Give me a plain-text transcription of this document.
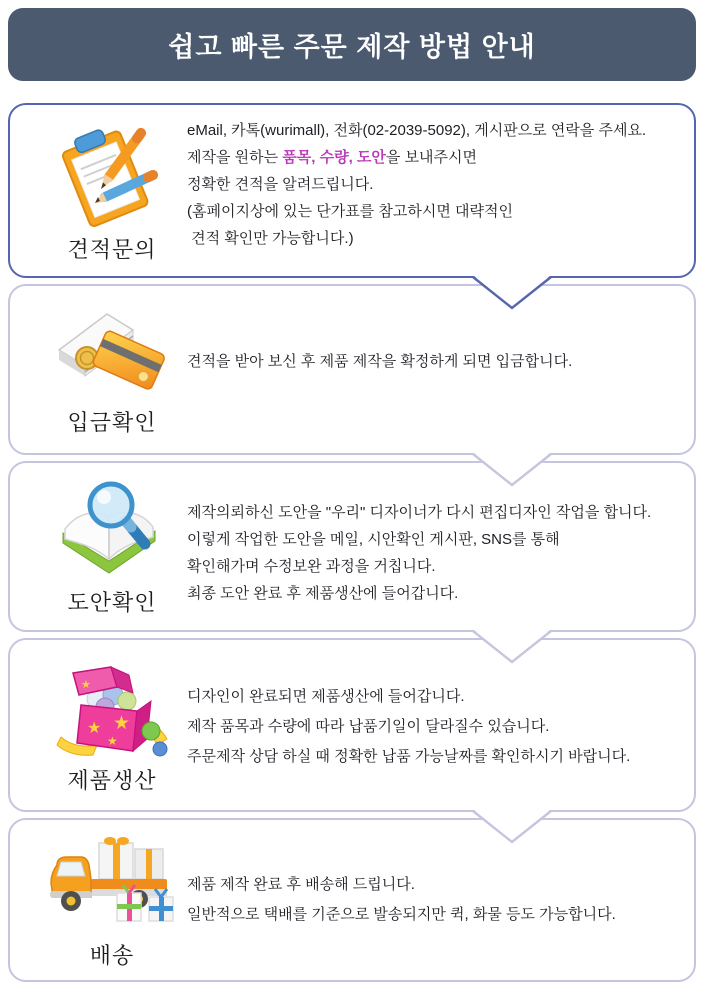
쉽고 빠른 주문 제작 방법 안내
견적문의
eMail, 카톡(wurimall), 전화(02-2039-5092), 게시판으로 연락을 주세요.
제작을 원하는 품목, 수량, 도안을 보내주시면
정확한 견적을 알려드립니다.
(홈페이지상에 있는 단가표를 참고하시면 대략적인
견적 확인만 가능합니다.)
입금확인
견적을 받아 보신 후 제품 제작을 확정하게 되면 입금합니다.
도안확인
제작의뢰하신 도안을 "우리" 디자이너가 다시 편집디자인 작업을 합니다.
이렇게 작업한 도안을 메일, 시안확인 게시판, SNS를 통해
확인해가며 수정보완 과정을 거칩니다.
최종 도안 완료 후 제품생산에 들어갑니다.
★
★
★
★
제품생산
디자인이 완료되면 제품생산에 들어갑니다.
제작 품목과 수량에 따라 납품기일이 달라질수 있습니다.
주문제작 상담 하실 때 정확한 납품 가능날짜를 확인하시기 바랍니다.
배송
제품 제작 완료 후 배송해 드립니다.
일반적으로 택배를 기준으로 발송되지만 퀵, 화물 등도 가능합니다.
